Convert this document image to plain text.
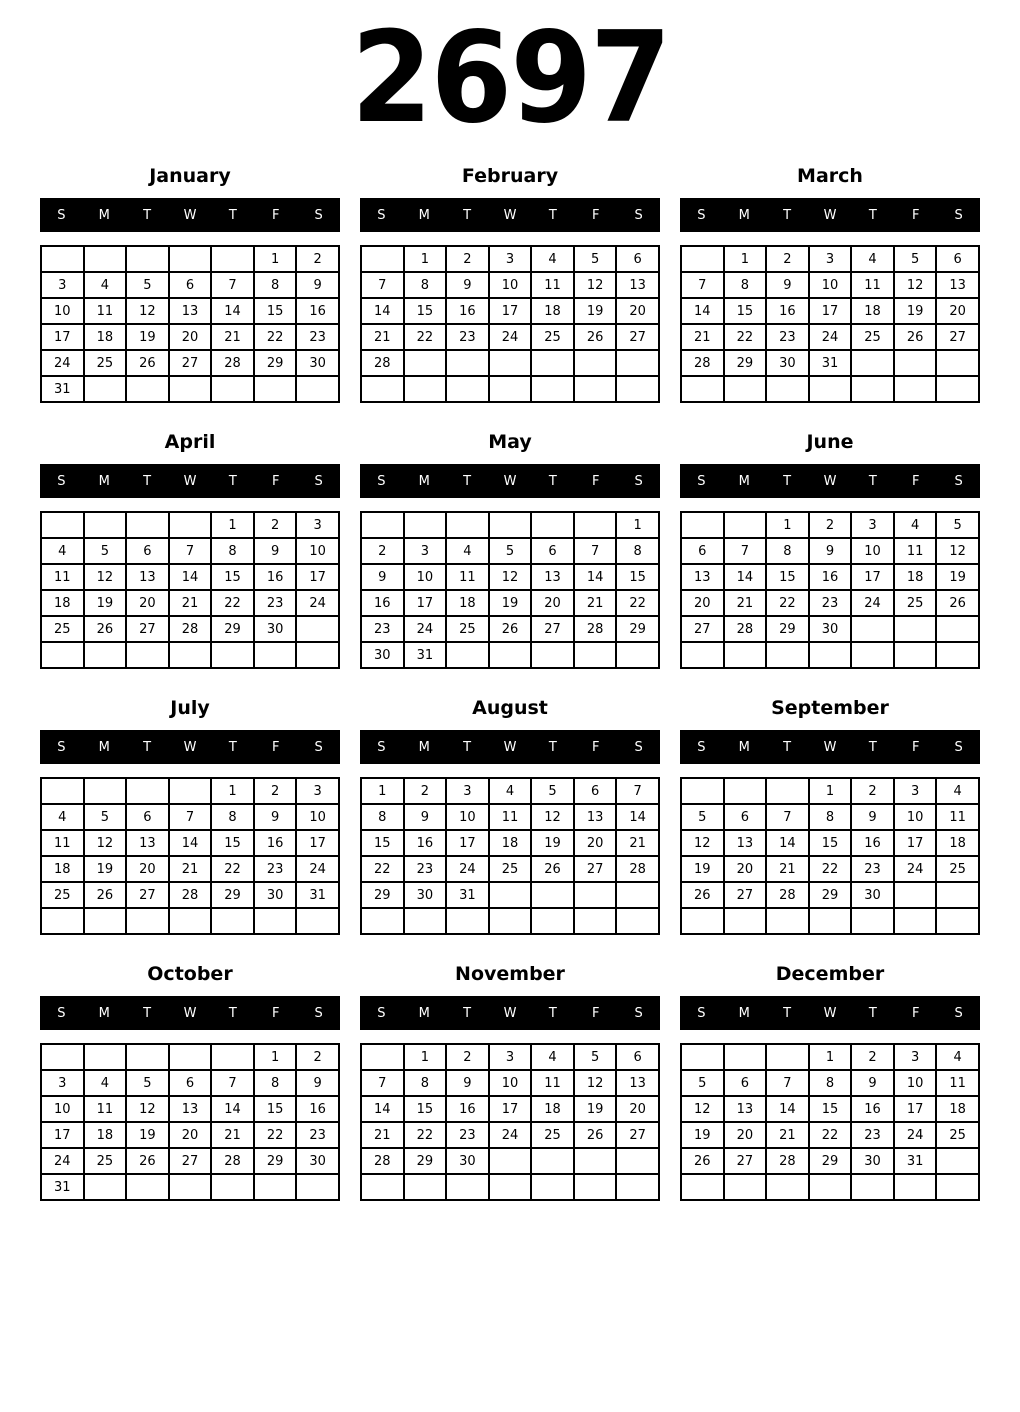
2697
January
S	M	T	W	T	F	S
					1	2
3	4	5	6	7	8	9
10	11	12	13	14	15	16
17	18	19	20	21	22	23
24	25	26	27	28	29	30
31						
February
S	M	T	W	T	F	S
	1	2	3	4	5	6
7	8	9	10	11	12	13
14	15	16	17	18	19	20
21	22	23	24	25	26	27
28						

March
S	M	T	W	T	F	S
	1	2	3	4	5	6
7	8	9	10	11	12	13
14	15	16	17	18	19	20
21	22	23	24	25	26	27
28	29	30	31			

April
S	M	T	W	T	F	S
				1	2	3
4	5	6	7	8	9	10
11	12	13	14	15	16	17
18	19	20	21	22	23	24
25	26	27	28	29	30	

May
S	M	T	W	T	F	S
						1
2	3	4	5	6	7	8
9	10	11	12	13	14	15
16	17	18	19	20	21	22
23	24	25	26	27	28	29
30	31					
June
S	M	T	W	T	F	S
		1	2	3	4	5
6	7	8	9	10	11	12
13	14	15	16	17	18	19
20	21	22	23	24	25	26
27	28	29	30			

July
S	M	T	W	T	F	S
				1	2	3
4	5	6	7	8	9	10
11	12	13	14	15	16	17
18	19	20	21	22	23	24
25	26	27	28	29	30	31

August
S	M	T	W	T	F	S
1	2	3	4	5	6	7
8	9	10	11	12	13	14
15	16	17	18	19	20	21
22	23	24	25	26	27	28
29	30	31				

September
S	M	T	W	T	F	S
			1	2	3	4
5	6	7	8	9	10	11
12	13	14	15	16	17	18
19	20	21	22	23	24	25
26	27	28	29	30		

October
S	M	T	W	T	F	S
					1	2
3	4	5	6	7	8	9
10	11	12	13	14	15	16
17	18	19	20	21	22	23
24	25	26	27	28	29	30
31						
November
S	M	T	W	T	F	S
	1	2	3	4	5	6
7	8	9	10	11	12	13
14	15	16	17	18	19	20
21	22	23	24	25	26	27
28	29	30				

December
S	M	T	W	T	F	S
			1	2	3	4
5	6	7	8	9	10	11
12	13	14	15	16	17	18
19	20	21	22	23	24	25
26	27	28	29	30	31	
